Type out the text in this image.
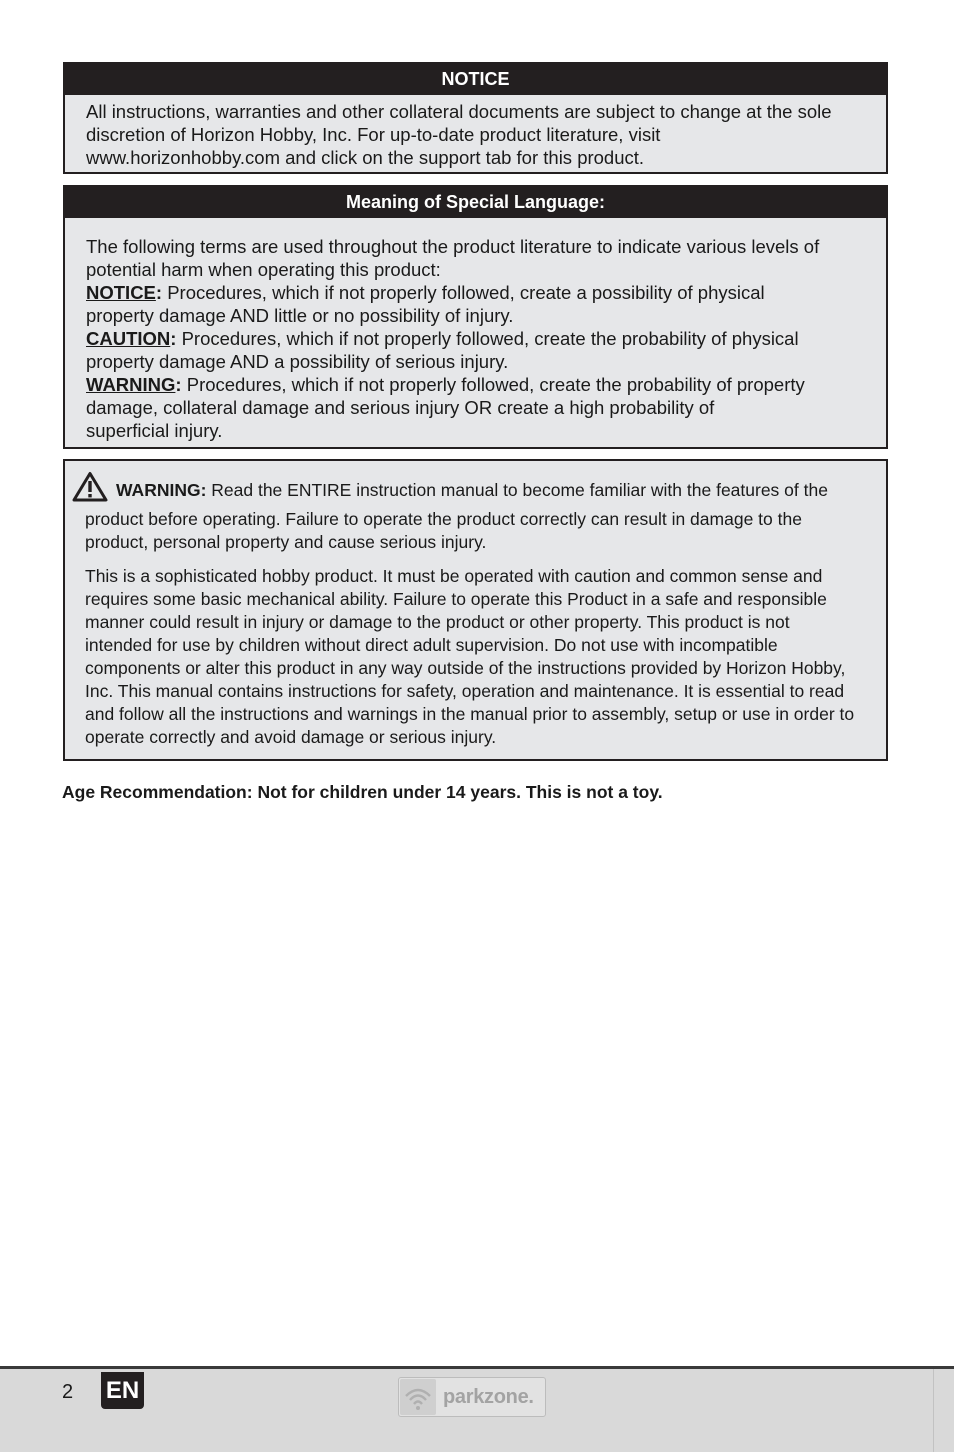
NOTICE
All instructions, warranties and other collateral documents are subject to change at the sole
discretion of Horizon Hobby, Inc. For up-to-date product literature, visit
www.horizonhobby.com and click on the support tab for this product.
Meaning of Special Language:
The following terms are used throughout the product literature to indicate various levels of
potential harm when operating this product:
NOTICE: Procedures, which if not properly followed, create a possibility of physical
property damage AND little or no possibility of injury.
CAUTION: Procedures, which if not properly followed, create the probability of physical
property damage AND a possibility of serious injury.
WARNING: Procedures, which if not properly followed, create the probability of property
damage, collateral damage and serious injury OR create a high probability of
superficial injury.

WARNING: Read the ENTIRE instruction manual to become familiar with the features of the
product before operating. Failure to operate the product correctly can result in damage to the
product, personal property and cause serious injury.

This is a sophisticated hobby product. It must be operated with caution and common sense and
requires some basic mechanical ability. Failure to operate this Product in a safe and responsible
manner could result in injury or damage to the product or other property. This product is not
intended for use by children without direct adult supervision. Do not use with incompatible
components or alter this product in any way outside of the instructions provided by Horizon Hobby,
Inc. This manual contains instructions for safety, operation and maintenance. It is essential to read
and follow all the instructions and warnings in the manual prior to assembly, setup or use in order to
operate correctly and avoid damage or serious injury.

Age Recommendation: Not for children under 14 years. This is not a toy.
2 EN	parkzone.
